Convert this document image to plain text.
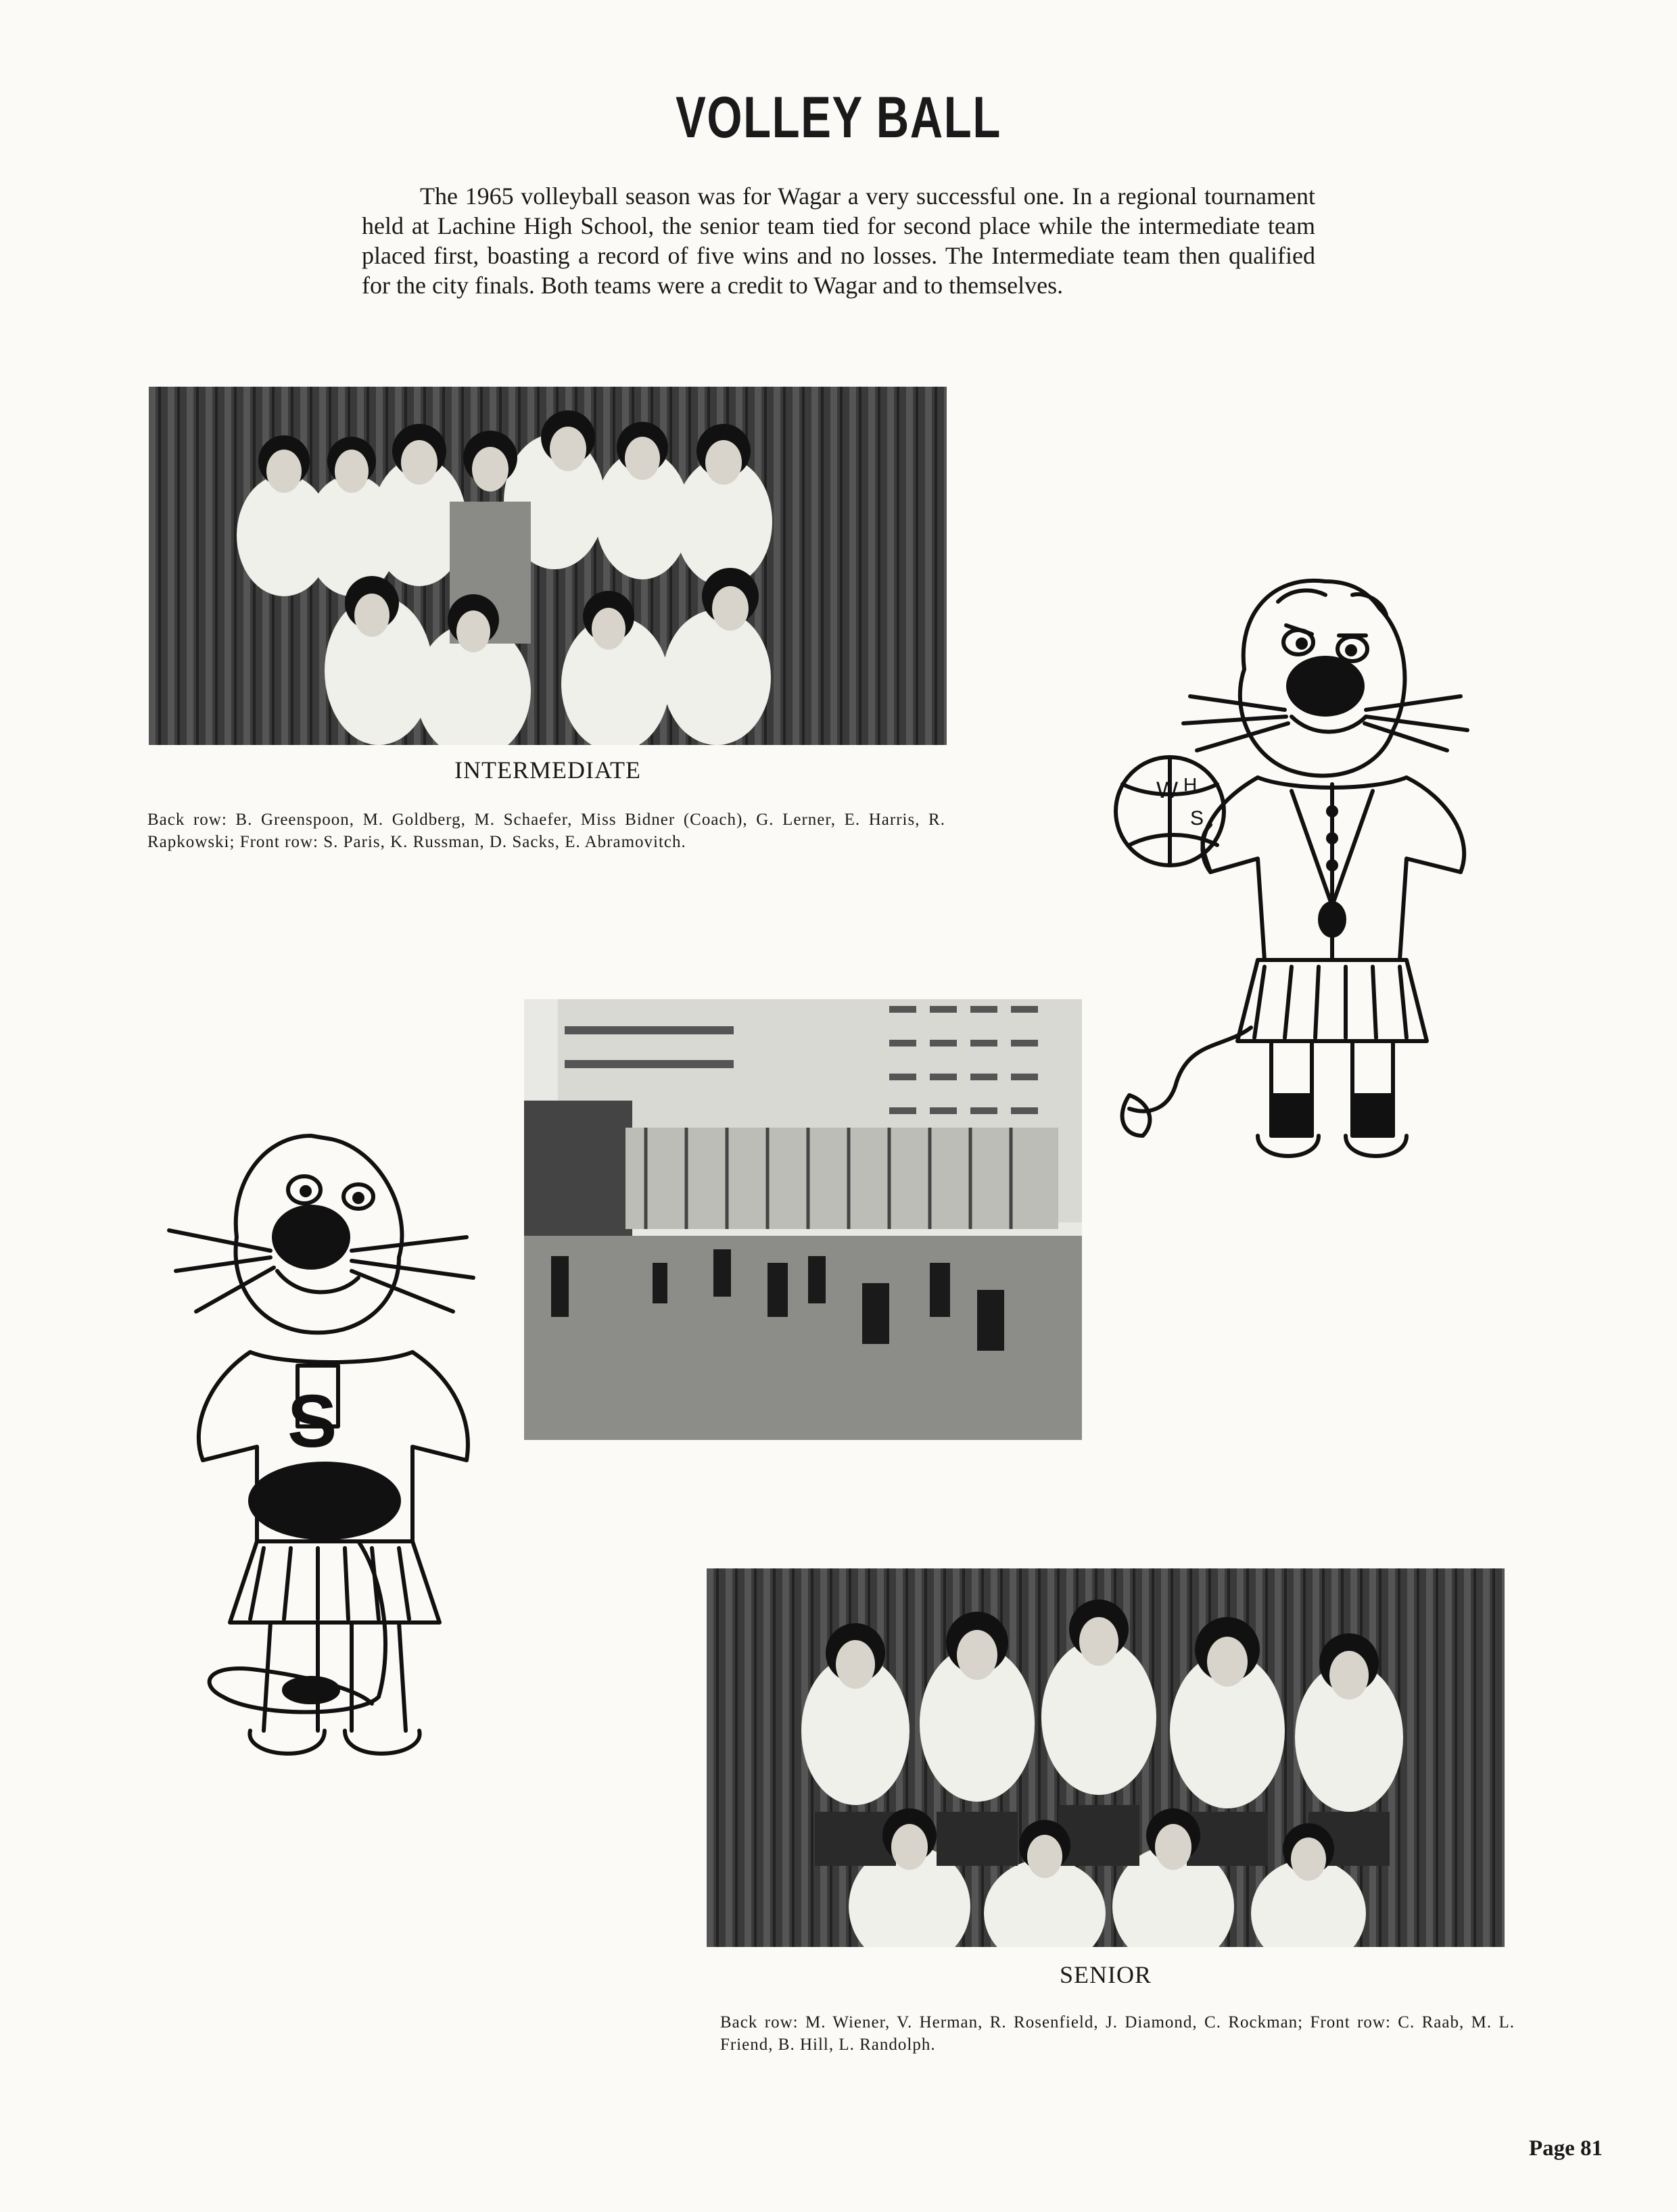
VOLLEY BALL
The 1965 volleyball season was for Wagar a very successful one. In a regional tournament held at Lachine High School, the senior team tied for second place while the intermediate team placed first, boasting a record of five wins and no losses. The Intermediate team then qualified for the city finals. Both teams were a credit to Wagar and to themselves.
INTERMEDIATE
Back row: B. Greenspoon, M. Goldberg, M. Schaefer, Miss Bidner (Coach), G. Lerner, E. Harris, R. Rapkowski; Front row: S. Paris, K. Russman, D. Sacks, E. Abramovitch.
SENIOR
Back row: M. Wiener, V. Herman, R. Rosenfield, J. Diamond, C. Rockman; Front row: C. Raab, M. L. Friend, B. Hill, L. Randolph.
Page 81
W H
S
S
